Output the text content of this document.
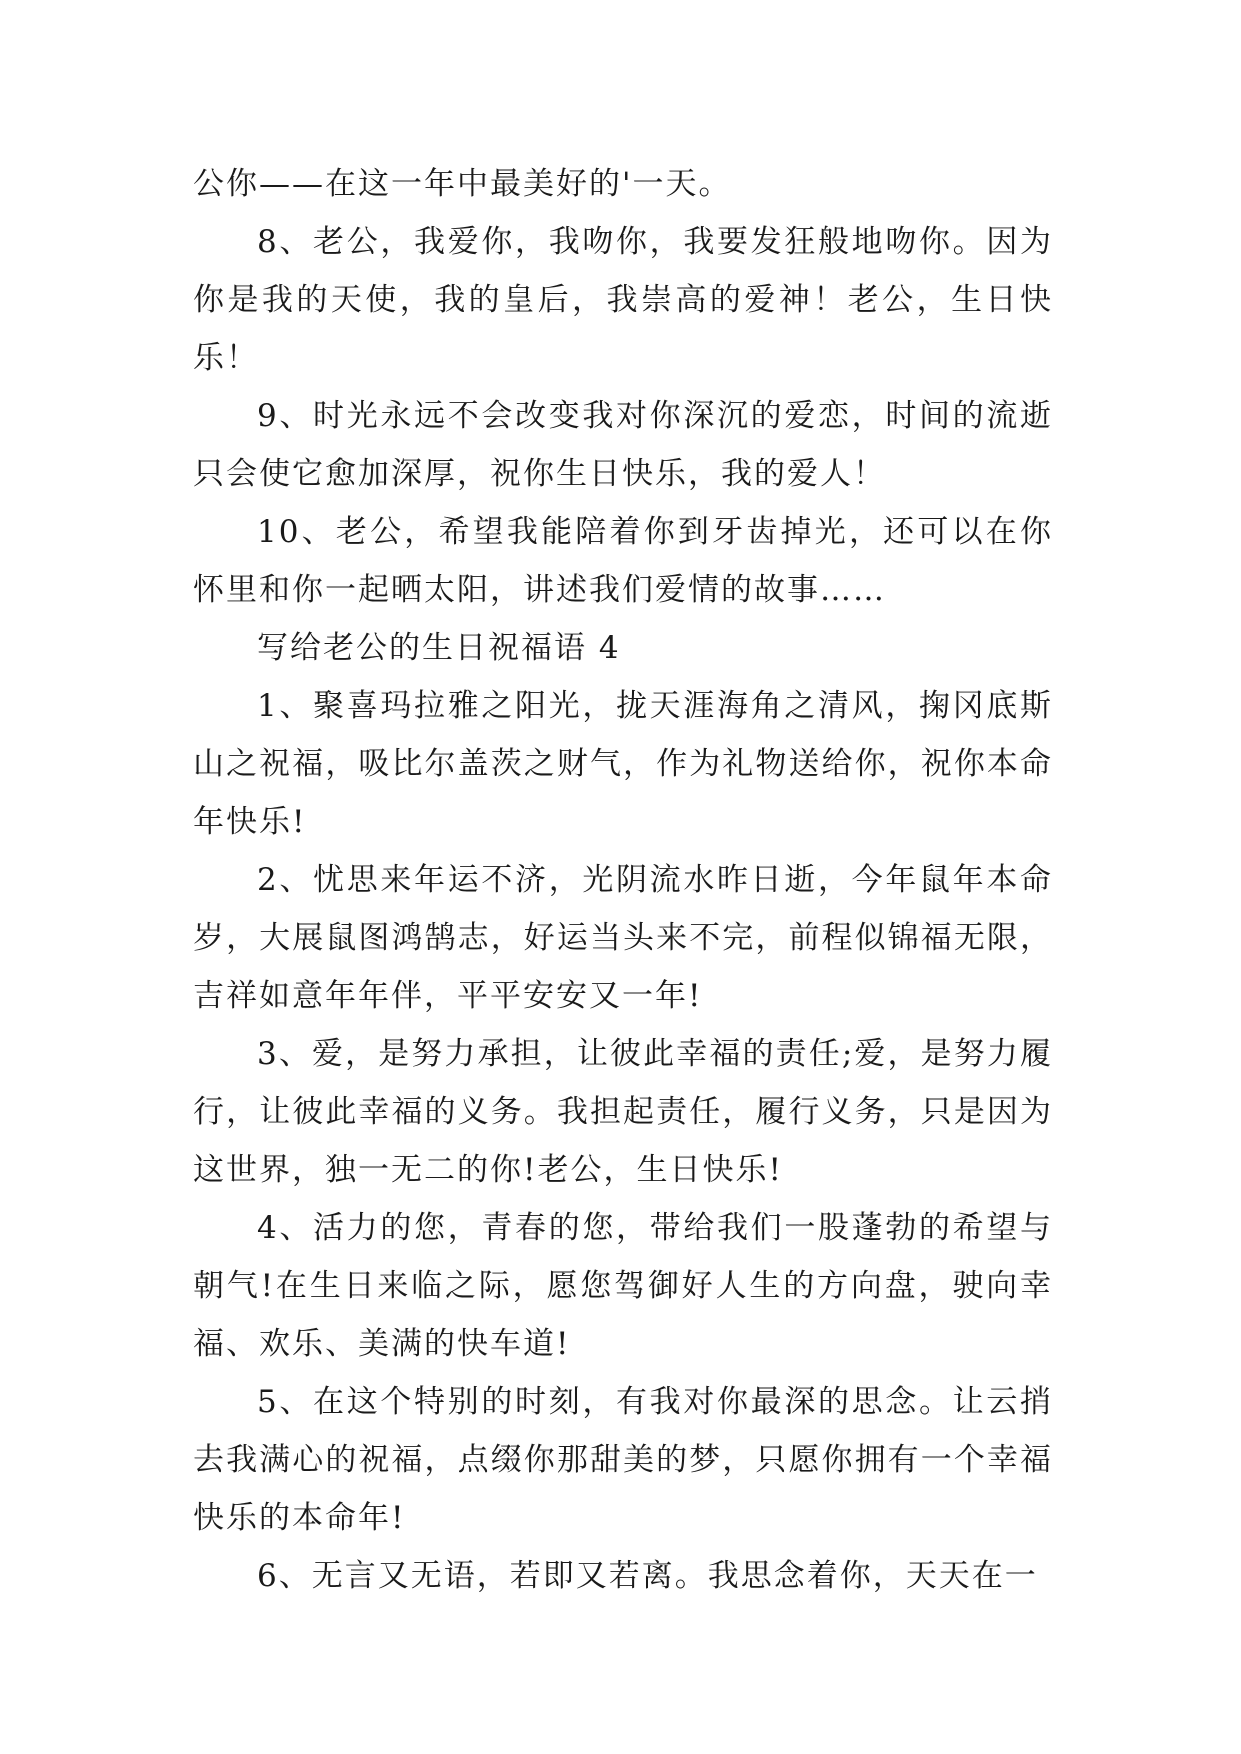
公你——在这一年中最美好的'一天。

8、老公，我爱你，我吻你，我要发狂般地吻你。因为你是我的天使，我的皇后，我崇高的爱神！老公，生日快乐！

9、时光永远不会改变我对你深沉的爱恋，时间的流逝只会使它愈加深厚，祝你生日快乐，我的爱人！

10、老公，希望我能陪着你到牙齿掉光，还可以在你怀里和你一起晒太阳，讲述我们爱情的故事……

写给老公的生日祝福语 4

1、聚喜玛拉雅之阳光，拢天涯海角之清风，掬冈底斯山之祝福，吸比尔盖茨之财气，作为礼物送给你，祝你本命年快乐!

2、忧思来年运不济，光阴流水昨日逝，今年鼠年本命岁，大展鼠图鸿鹄志，好运当头来不完，前程似锦福无限，吉祥如意年年伴，平平安安又一年!

3、爱，是努力承担，让彼此幸福的责任;爱，是努力履行，让彼此幸福的义务。我担起责任，履行义务，只是因为这世界，独一无二的你!老公，生日快乐!

4、活力的您，青春的您，带给我们一股蓬勃的希望与朝气!在生日来临之际，愿您驾御好人生的方向盘，驶向幸福、欢乐、美满的快车道!

5、在这个特别的时刻，有我对你最深的思念。让云捎去我满心的祝福，点缀你那甜美的梦，只愿你拥有一个幸福快乐的本命年!

6、无言又无语，若即又若离。我思念着你，天天在一
